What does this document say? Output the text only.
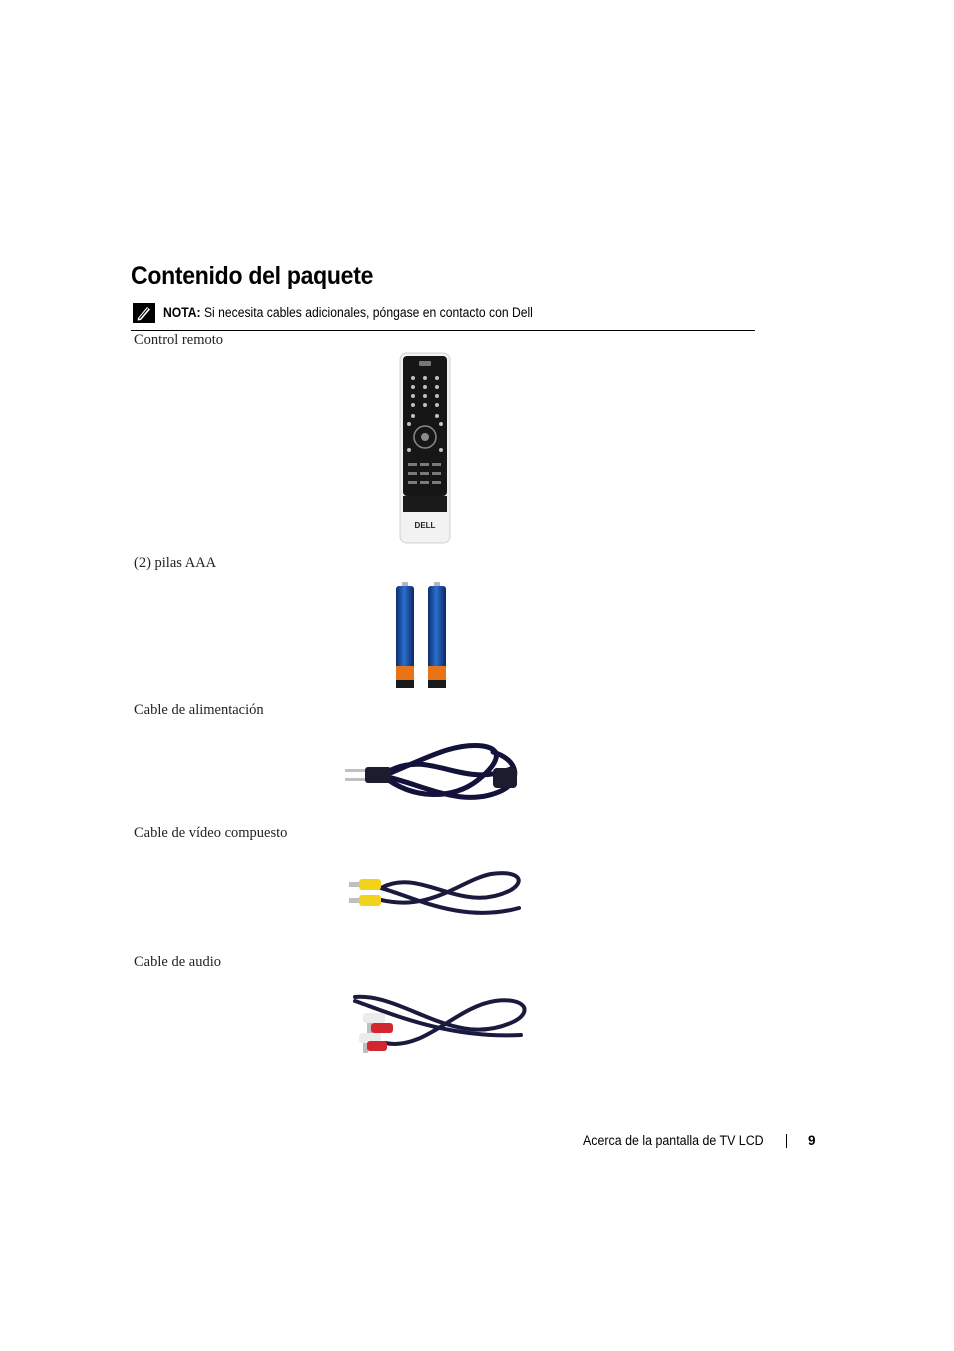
Contenido del paquete
NOTA: Si necesita cables adicionales, póngase en contacto con Dell
Control remoto
(2) pilas AAA
Cable de alimentación
Cable de vídeo compuesto
Cable de audio
DELL
Acerca de la pantalla de TV LCD	9
